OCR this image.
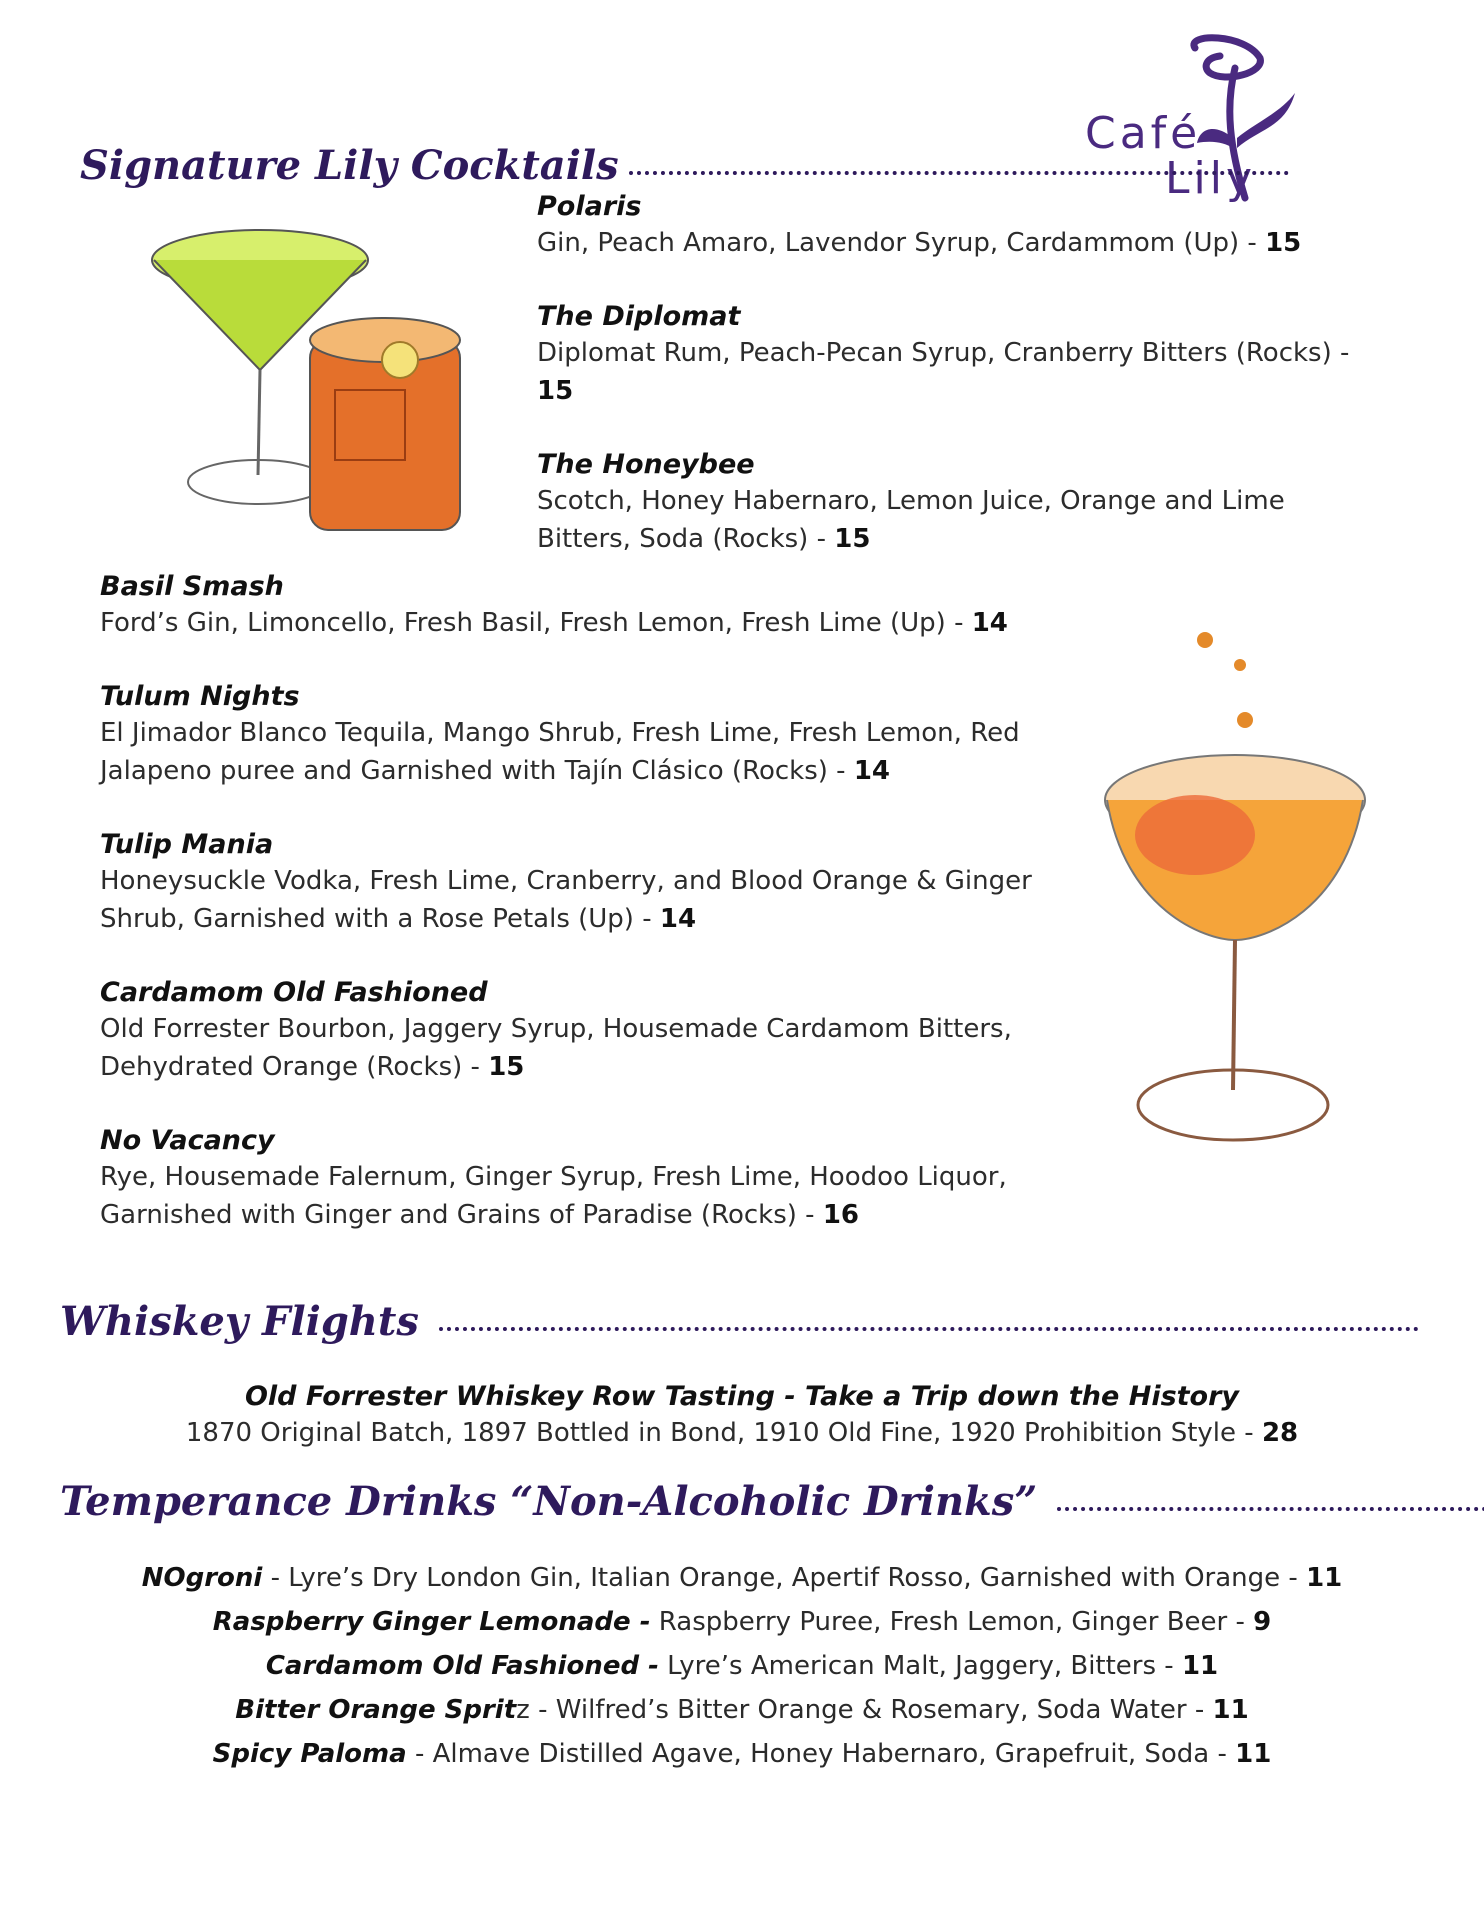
Café
Lily
Signature Lily Cocktails
Polaris
Gin, Peach Amaro, Lavendor Syrup, Cardammom (Up) - 15
The Diplomat
Diplomat Rum, Peach-Pecan Syrup, Cranberry Bitters (Rocks) - 15
The Honeybee
Scotch, Honey Habernaro, Lemon Juice, Orange and Lime Bitters, Soda (Rocks) - 15
Basil Smash
Ford’s Gin, Limoncello, Fresh Basil, Fresh Lemon, Fresh Lime (Up) - 14
Tulum Nights
El Jimador Blanco Tequila, Mango Shrub, Fresh Lime, Fresh Lemon, Red Jalapeno puree and Garnished with Tajín Clásico (Rocks) - 14
Tulip Mania
Honeysuckle Vodka, Fresh Lime, Cranberry, and Blood Orange & Ginger Shrub, Garnished with a Rose Petals (Up) - 14
Cardamom Old Fashioned
Old Forrester Bourbon, Jaggery Syrup, Housemade Cardamom Bitters, Dehydrated Orange (Rocks) - 15
No Vacancy
Rye, Housemade Falernum, Ginger Syrup, Fresh Lime, Hoodoo Liquor, Garnished with Ginger and Grains of Paradise (Rocks) - 16
Whiskey Flights
Old Forrester Whiskey Row Tasting - Take a Trip down the History
1870 Original Batch, 1897 Bottled in Bond, 1910 Old Fine, 1920 Prohibition Style - 28
Temperance Drinks “Non-Alcoholic Drinks”
NOgroni - Lyre’s Dry London Gin, Italian Orange, Apertif Rosso, Garnished with Orange - 11
Raspberry Ginger Lemonade - Raspberry Puree, Fresh Lemon, Ginger Beer - 9
Cardamom Old Fashioned - Lyre’s American Malt, Jaggery, Bitters - 11
Bitter Orange Spritz - Wilfred’s Bitter Orange & Rosemary, Soda Water - 11
Spicy Paloma - Almave Distilled Agave, Honey Habernaro, Grapefruit, Soda - 11
